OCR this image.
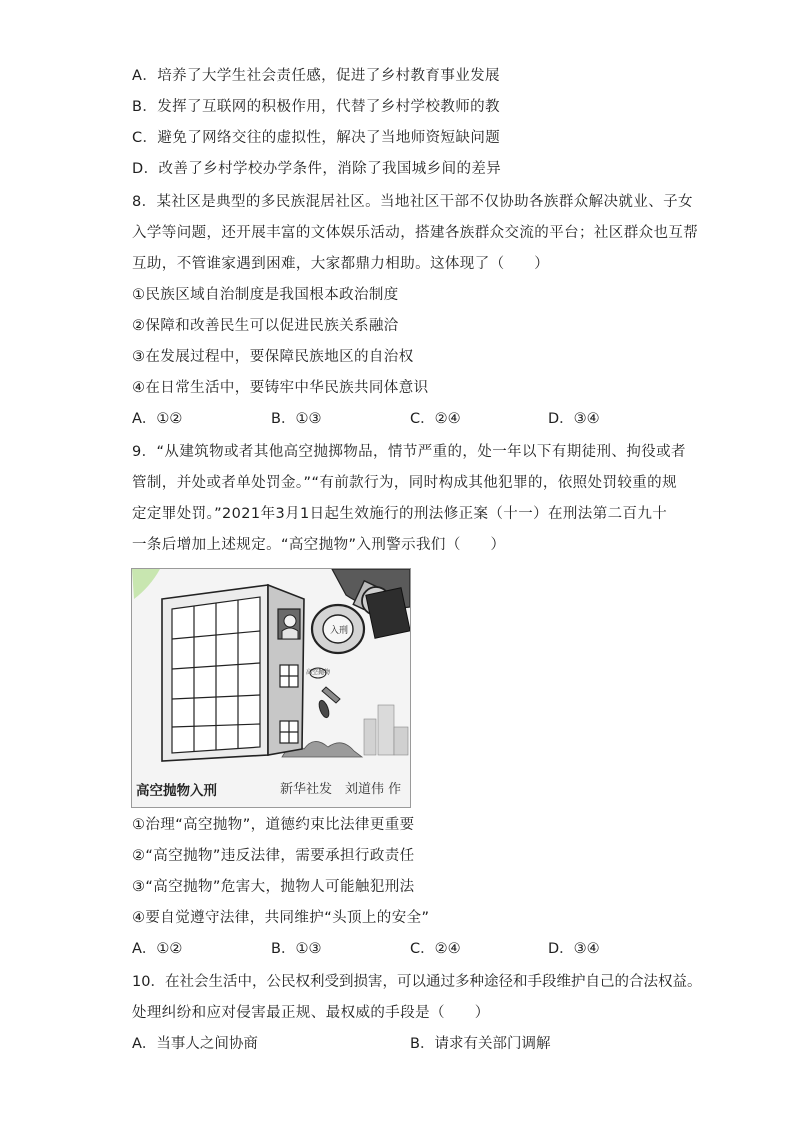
A．培养了大学生社会责任感，促进了乡村教育事业发展
B．发挥了互联网的积极作用，代替了乡村学校教师的教
C．避免了网络交往的虚拟性，解决了当地师资短缺问题
D．改善了乡村学校办学条件，消除了我国城乡间的差异
8．某社区是典型的多民族混居社区。当地社区干部不仅协助各族群众解决就业、子女
入学等问题，还开展丰富的文体娱乐活动，搭建各族群众交流的平台；社区群众也互帮
互助，不管谁家遇到困难，大家都鼎力相助。这体现了（　　）
①民族区域自治制度是我国根本政治制度
②保障和改善民生可以促进民族关系融洽
③在发展过程中，要保障民族地区的自治权
④在日常生活中，要铸牢中华民族共同体意识
A．①②	B．①③	C．②④	D．③④
9．“从建筑物或者其他高空抛掷物品，情节严重的，处一年以下有期徒刑、拘役或者
管制，并处或者单处罚金。”“有前款行为，同时构成其他犯罪的，依照处罚较重的规
定定罪处罚。”2021年3月1日起生效施行的刑法修正案（十一）在刑法第二百九十
一条后增加上述规定。“高空抛物”入刑警示我们（　　）
入刑
高空抛物
高空抛物入刑	新华社发　刘道伟 作
①治理“高空抛物”，道德约束比法律更重要
②“高空抛物”违反法律，需要承担行政责任
③“高空抛物”危害大，抛物人可能触犯刑法
④要自觉遵守法律，共同维护“头顶上的安全”
A．①②	B．①③	C．②④	D．③④
10．在社会生活中，公民权利受到损害，可以通过多种途径和手段维护自己的合法权益。
处理纠纷和应对侵害最正规、最权威的手段是（　　）
A．当事人之间协商	B．请求有关部门调解
